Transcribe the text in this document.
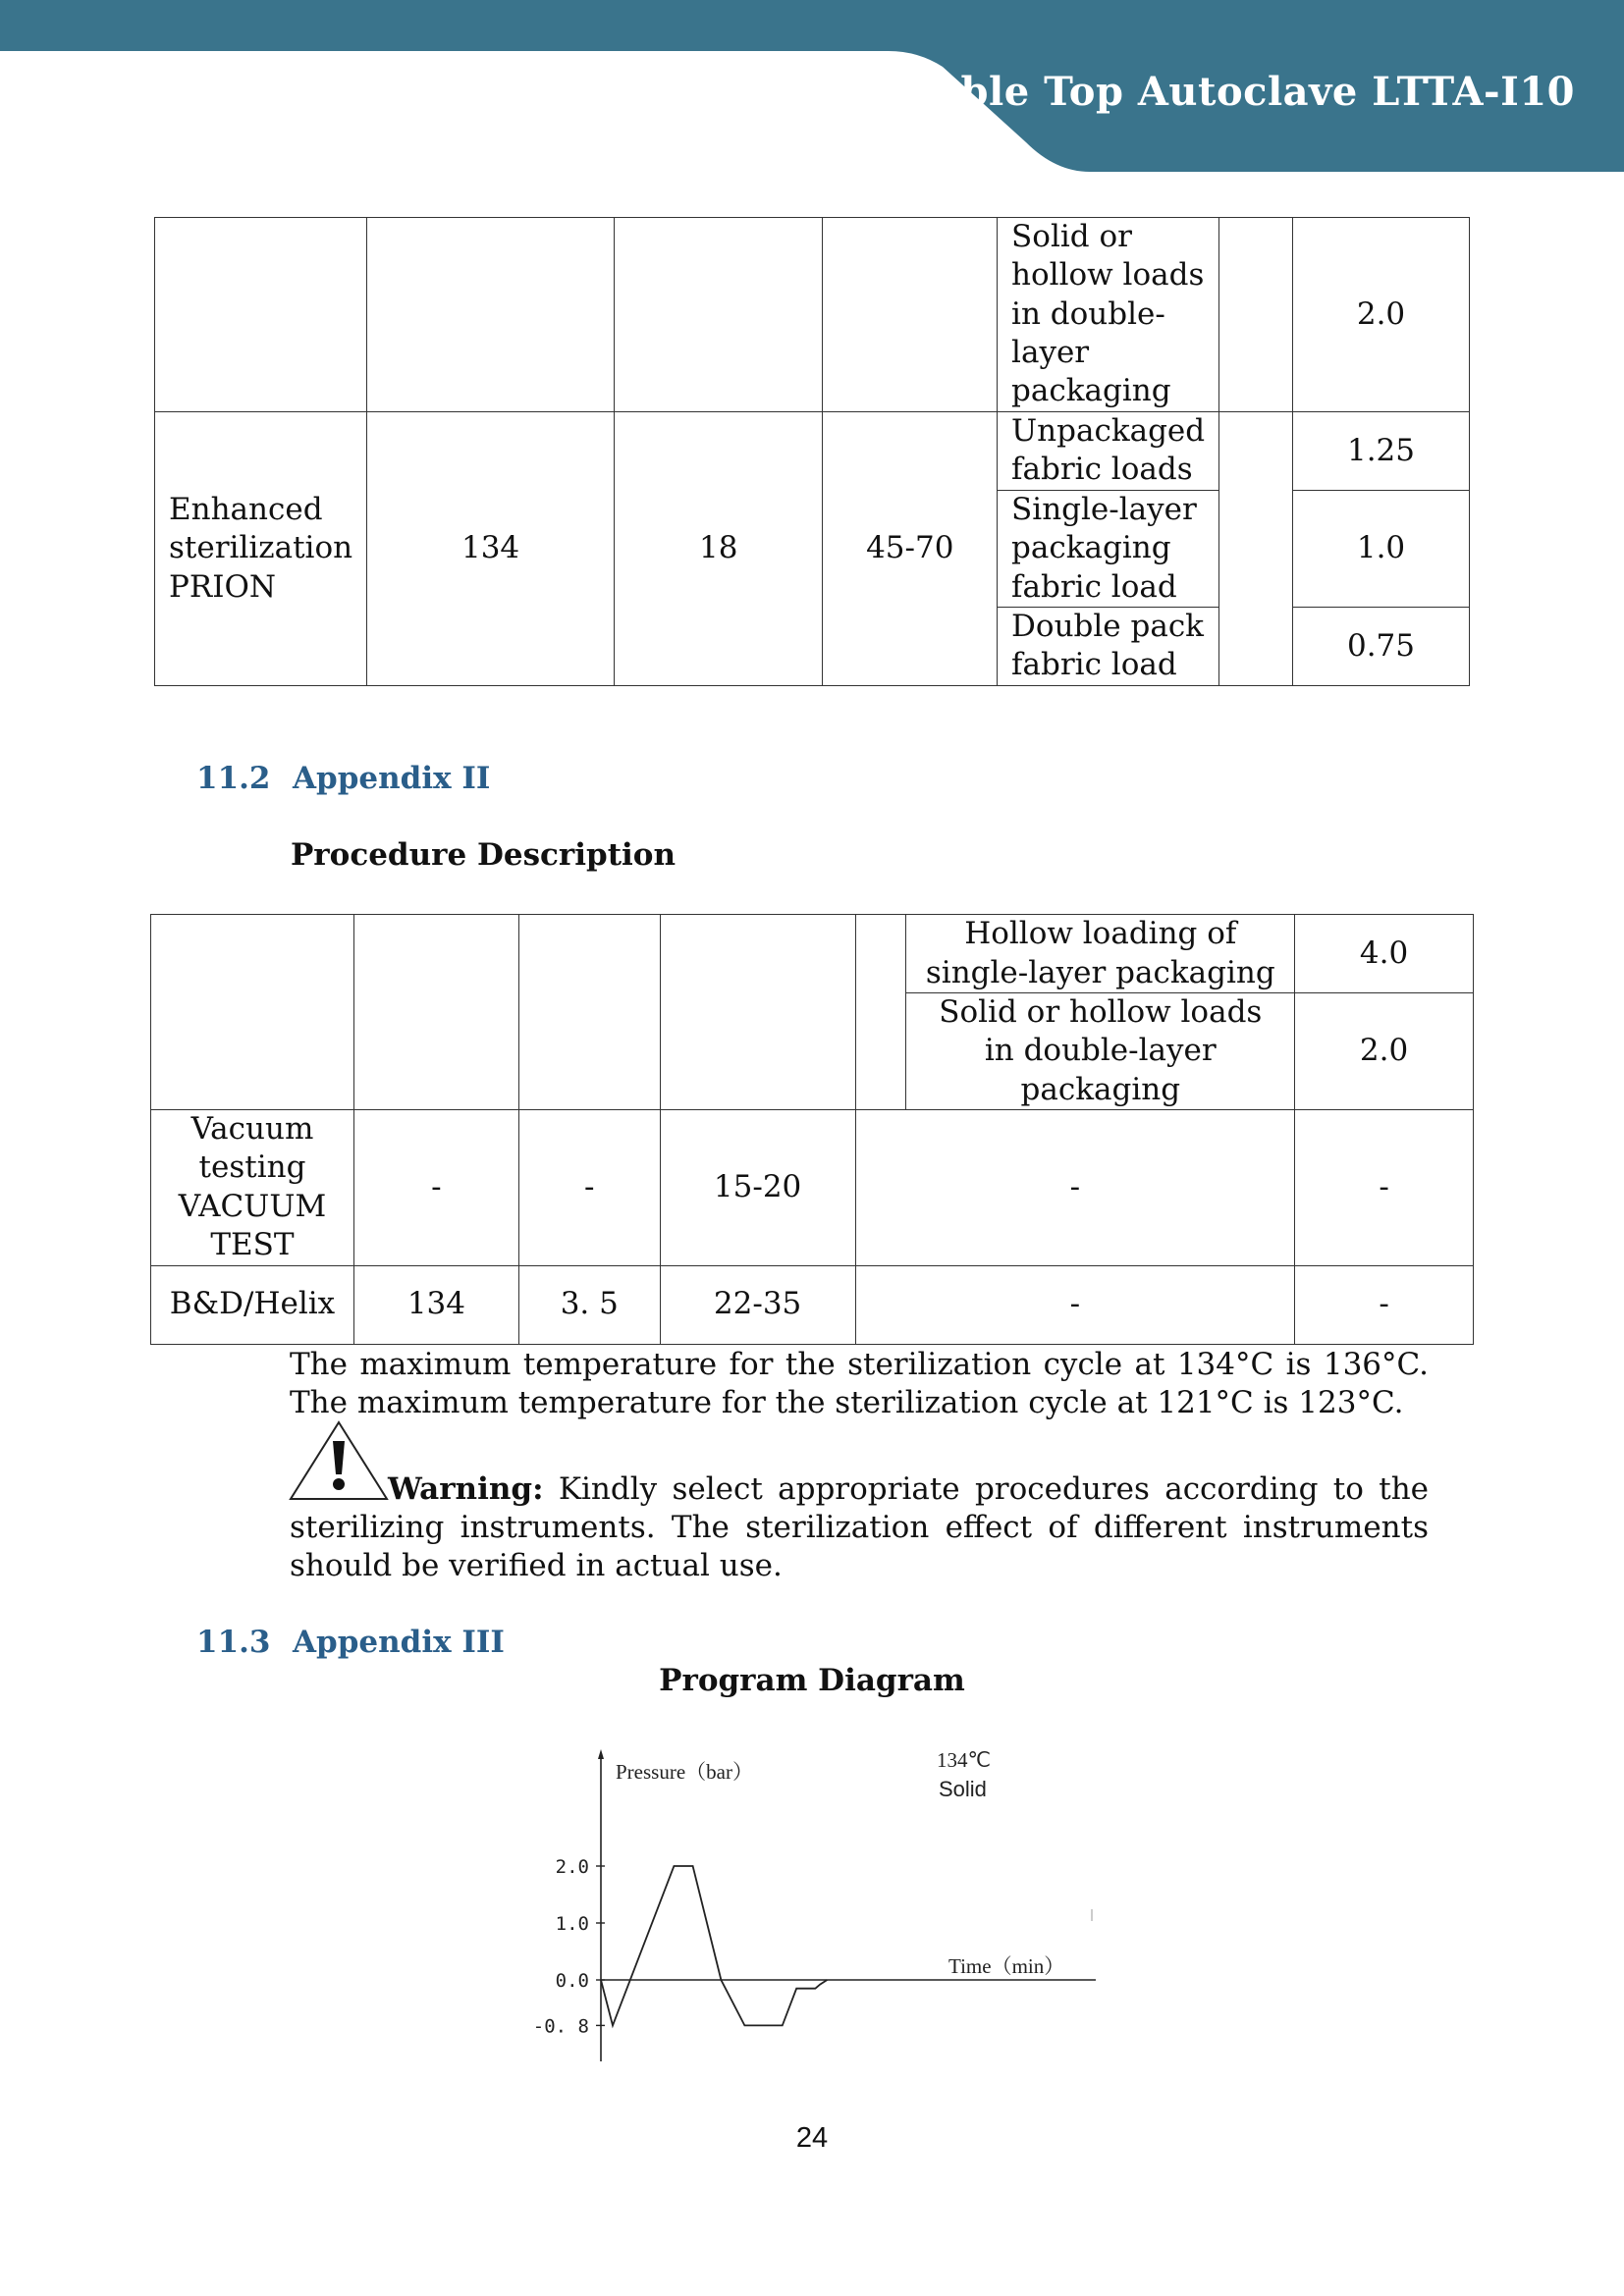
Table Top Autoclave LTTA-I10
				Solid or hollow loads in double-layer packaging		2.0
Enhanced sterilization PRION	134	18	45-70	Unpackaged fabric loads		1.25
				Single-layer packaging fabric load		1.0
				Double pack fabric load		0.75
11.2 Appendix II
Procedure Description
					Hollow loading of single-layer packaging	4.0
					Solid or hollow loads in double-layer packaging	2.0
Vacuum testing VACUUM TEST	-	-	15-20	-		-
B&D/Helix	134	3. 5	22-35	-		-
The maximum temperature for the sterilization cycle at 134°C is 136°C. The maximum temperature for the sterilization cycle at 121°C is 123°C.
Warning: Kindly select appropriate procedures according to the sterilizing instruments. The sterilization effect of different instruments should be verified in actual use.
11.3 Appendix III
Program Diagram
2.0
1.0
0.0
-0. 8
Pressure（bar）
Time（min）
134℃
Solid
24
